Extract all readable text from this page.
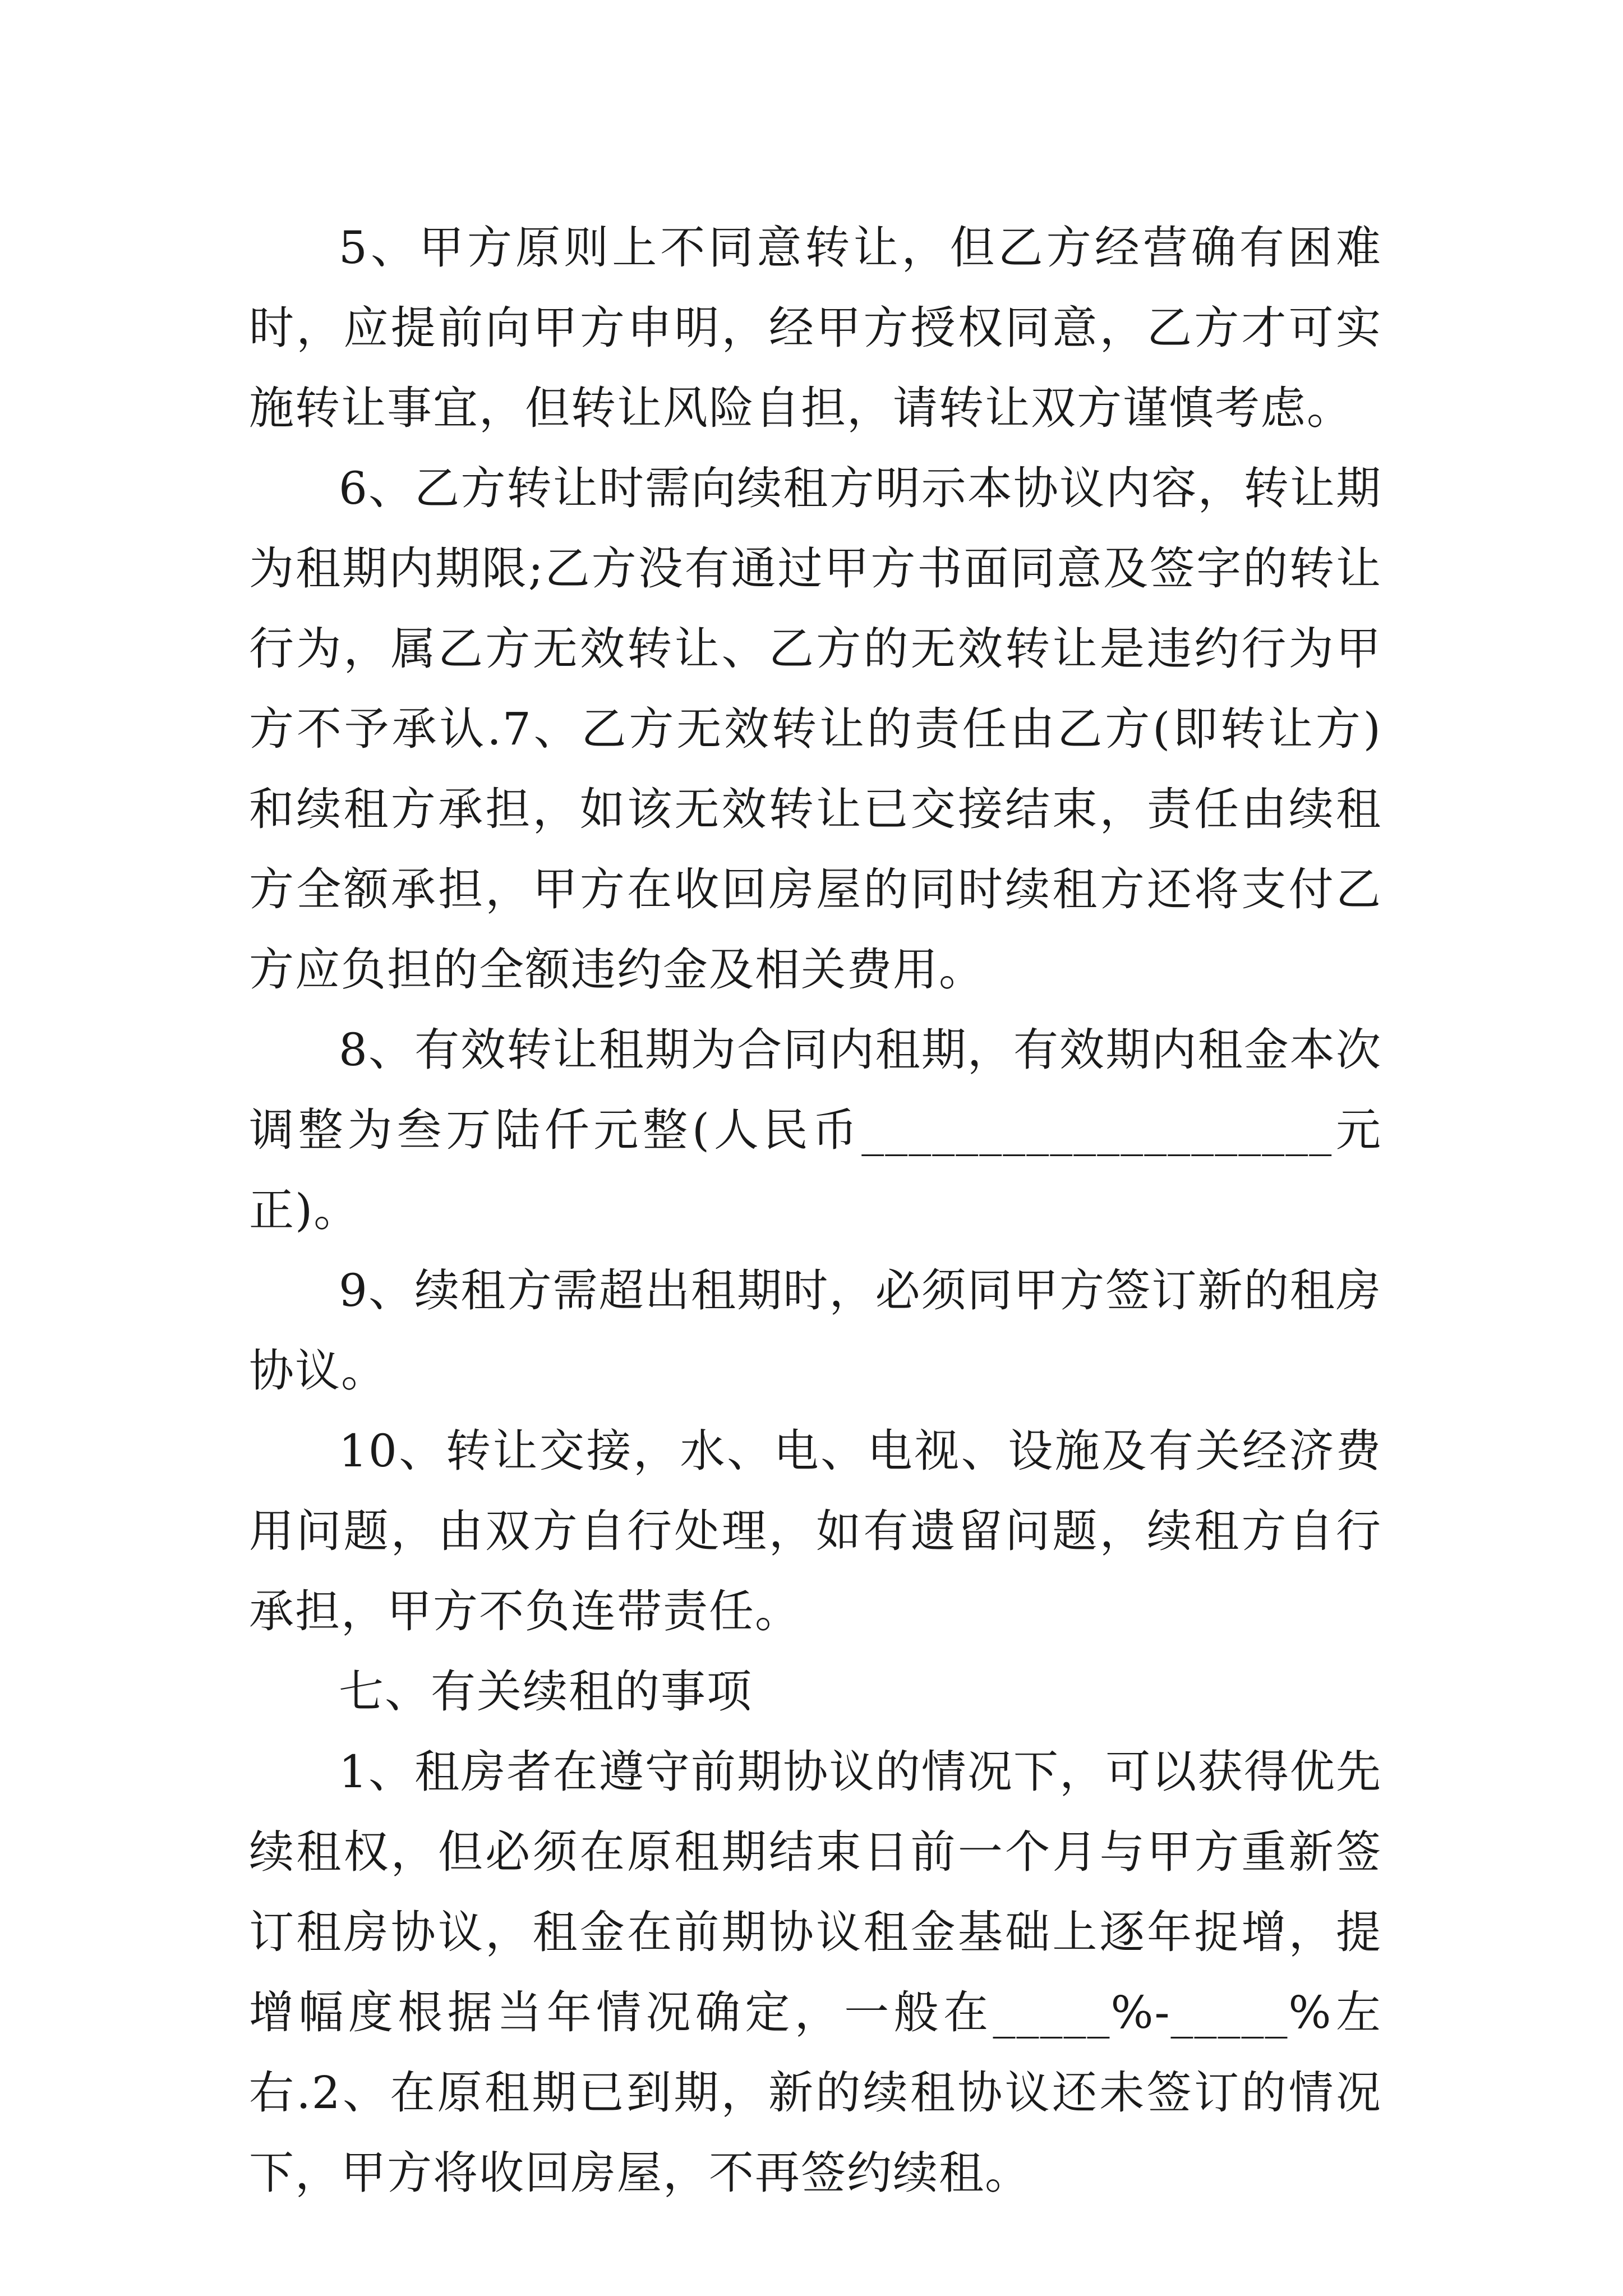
5、甲方原则上不同意转让，但乙方经营确有困难时，应提前向甲方申明，经甲方授权同意，乙方才可实施转让事宜，但转让风险自担，请转让双方谨慎考虑。

6、乙方转让时需向续租方明示本协议内容，转让期为租期内期限;乙方没有通过甲方书面同意及签字的转让行为，属乙方无效转让、乙方的无效转让是违约行为甲方不予承认.7、乙方无效转让的责任由乙方(即转让方)和续租方承担，如该无效转让已交接结束，责任由续租方全额承担，甲方在收回房屋的同时续租方还将支付乙方应负担的全额违约金及相关费用。

8、有效转让租期为合同内租期，有效期内租金本次调整为叁万陆仟元整(人民币____________________元正)。

9、续租方需超出租期时，必须同甲方签订新的租房协议。

10、转让交接，水、电、电视、设施及有关经济费用问题，由双方自行处理，如有遗留问题，续租方自行承担，甲方不负连带责任。

七、有关续租的事项

1、租房者在遵守前期协议的情况下，可以获得优先续租权，但必须在原租期结束日前一个月与甲方重新签订租房协议，租金在前期协议租金基础上逐年捉增，提增幅度根据当年情况确定，一般在_____%-_____%左右.2、在原租期已到期，新的续租协议还未签订的情况下，甲方将收回房屋，不再签约续租。
